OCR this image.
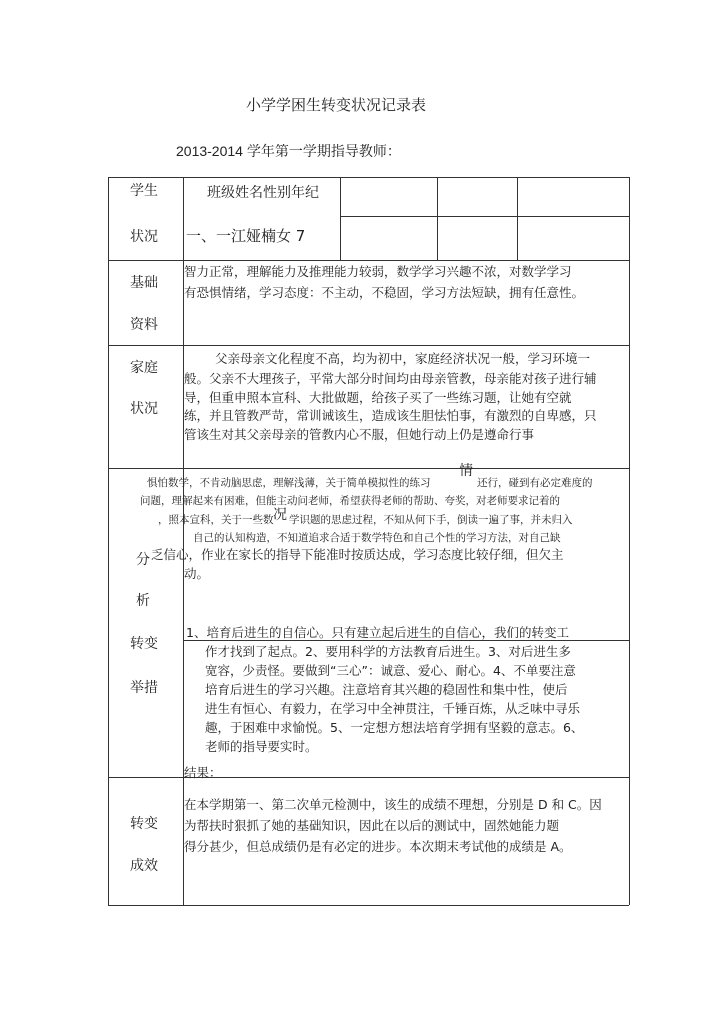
小学学困生转变状况记录表
2013-2014 学年第一学期指导教师：
学生
状况
班级姓名性别年纪
一、一江娅楠女 7
基础
资料
智力正常，理解能力及推理能力较弱，数学学习兴趣不浓，对数学学习
有恐惧情绪，学习态度：不主动，不稳固，学习方法短缺，拥有任意性。
家庭
状况
父亲母亲文化程度不高，均为初中，家庭经济状况一般，学习环境一
般。父亲不大理孩子，平常大部分时间均由母亲管教，母亲能对孩子进行辅
导，但重申照本宣科、大批做题，给孩子买了一些练习题，让她有空就
练，并且管教严苛，常训诫该生，造成该生胆怯怕事，有激烈的自卑感，只
管该生对其父亲母亲的管教内心不服，但她行动上仍是遵命行事
情
况
分
析
惧怕数学，不肯动脑思虑，理解浅薄，关于简单模拟性的练习	还行，碰到有必定难度的
问题，理解起来有困难，但能主动问老师，希望获得老师的帮助、夸奖，对老师要求记着的
，照本宣科，关于一些数 学识题的思虑过程，不知从何下手，倒读一遍了事，并未归入
自己的认知构造，不知道追求合适于数学特色和自己个性的学习方法，对自己缺
乏信心，作业在家长的指导下能准时按质达成，学习态度比较仔细，但欠主
动。
转变
举措
1、培育后进生的自信心。只有建立起后进生的自信心，我们的转变工
作才找到了起点。2、要用科学的方法教育后进生。3、对后进生多
宽容，少责怪。要做到“三心”：诚意、爱心、耐心。4、不单要注意
培育后进生的学习兴趣。注意培育其兴趣的稳固性和集中性，使后
进生有恒心、有毅力，在学习中全神贯注，千锤百炼，从乏味中寻乐
趣，于困难中求愉悦。5、一定想方想法培育学拥有坚毅的意志。6、
老师的指导要实时。
结果：
转变
成效
在本学期第一、第二次单元检测中，该生的成绩不理想，分别是 D 和 C。因
为帮扶时狠抓了她的基础知识，因此在以后的测试中，固然她能力题
得分甚少，但总成绩仍是有必定的进步。本次期末考试他的成绩是 A。
